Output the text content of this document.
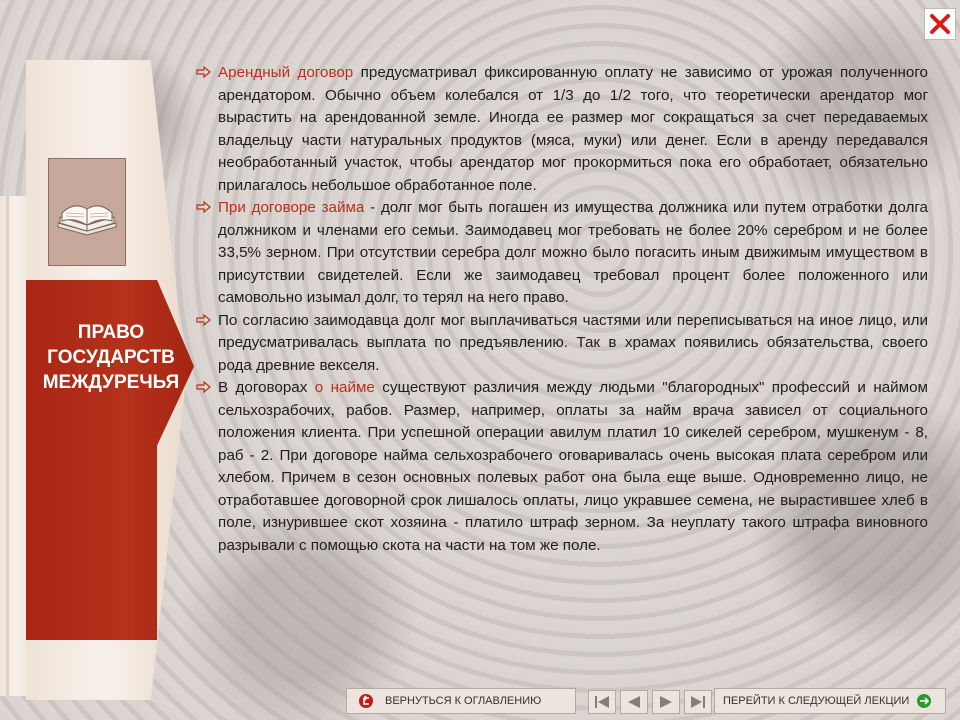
ПРАВО
ГОСУДАРСТВ
МЕЖДУРЕЧЬЯ
Арендный договор предусматривал фиксированную оплату не зависимо от урожая полученного арендатором. Обычно объем колебался от 1/3 до 1/2 того, что теоретически арендатор мог вырастить на арендованной земле. Иногда ее размер мог сокращаться за счет передаваемых владельцу части натуральных продуктов (мяса, муки) или денег. Если в аренду передавался необработанный участок, чтобы арендатор мог прокормиться пока его обработает, обязательно прилагалось небольшое обработанное поле.
При договоре займа - долг мог быть погашен из имущества должника или путем отработки долга должником и членами его семьи. Заимодавец мог требовать не более 20% серебром и не более 33,5% зерном. При отсутствии серебра долг можно было погасить иным движимым имуществом в присутствии свидетелей. Если же заимодавец требовал процент более положенного или самовольно изымал долг, то терял на него право.
По согласию заимодавца долг мог выплачиваться частями или переписываться на иное лицо, или предусматривалась выплата по предъявлению. Так в храмах появились обязательства, своего рода древние векселя.
В договорах о найме существуют различия между людьми "благородных" профессий и наймом сельхозрабочих, рабов. Размер, например, оплаты за найм врача зависел от социального положения клиента. При успешной операции авилум платил 10 сикелей серебром, мушкенум - 8, раб - 2. При договоре найма сельхозрабочего оговаривалась очень высокая плата серебром или хлебом. Причем в сезон основных полевых работ она была еще выше. Одновременно лицо, не отработавшее договорной срок лишалось оплаты, лицо укравшее семена, не вырастившее хлеб в поле, изнурившее скот хозяина - платило штраф зерном. За неуплату такого штрафа виновного разрывали с помощью скота на части на том же поле.
ВЕРНУТЬСЯ К ОГЛАВЛЕНИЮ	ПЕРЕЙТИ К СЛЕДУЮЩЕЙ ЛЕКЦИИ
